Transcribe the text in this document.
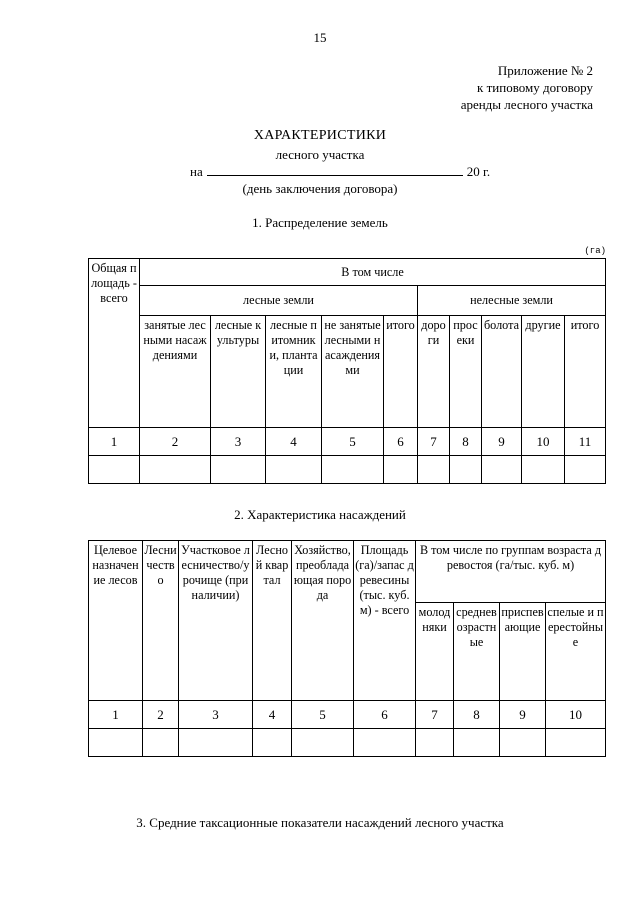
15
Приложение № 2
к типовому договору
аренды лесного участка
ХАРАКТЕРИСТИКИ
лесного участка
на	20 г.
(день заключения договора)
1. Распределение земель
(га)
Общая площадь - всего	В том числе									
	лесные земли					нелесные земли				
	занятые лесными насаждениями	лесные культуры	лесные питомники, плантации	не занятые лесными насаждениями	итого	дороги	просеки	болота	другие	итого
1	2	3	4	5	6	7	8	9	10	11

2. Характеристика насаждений
Целевое назначение лесов	Лесничество	Участковое лесничество/урочище (при наличии)	Лесной квартал	Хозяйство, преобладающая порода	Площадь (га)/запас древесины (тыс. куб. м) - всего	В том числе по группам возраста древостоя (га/тыс. куб. м)			
						молодняки	средневозрастные	приспевающие	спелые и перестойные
1	2	3	4	5	6	7	8	9	10

3. Средние таксационные показатели насаждений лесного участка
